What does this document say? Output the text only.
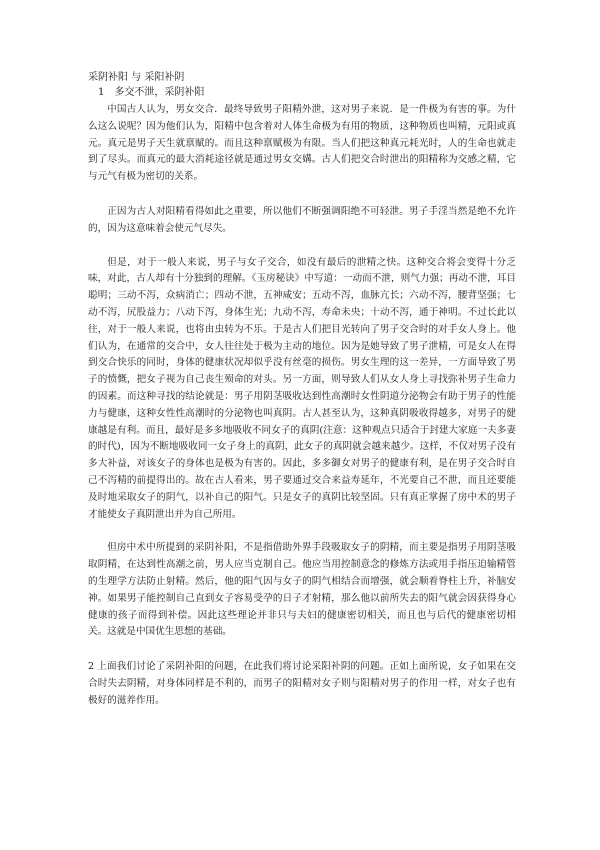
采阴补阳 与 采阳补阴

1　多交不泄，采阴补阳

中国古人认为，男女交合．最终导致男子阳精外泄，这对男子来说．是一件极为有害的事。为什么这么说呢？因为他们认为，阳精中包含着对人体生命极为有用的物质，这种物质也叫精，元阳或真元。真元是男子天生就禀赋的。而且这种禀赋极为有限。当人们把这种真元耗光时，人的生命也就走到了尽头。而真元的最大消耗途径就是通过男女交媾。古人们把交合时泄出的阳精称为交感之精，它与元气有极为密切的关系。

正因为古人对阳精看得如此之重要，所以他们不断强调阳绝不可轻泄。男子手淫当然是绝不允许的，因为这意味着会使元气尽失。

但是，对于一般人来说，男子与女子交合，如没有最后的泄精之快。这种交合将会变得十分乏味，对此，古人却有十分独到的理解。《玉房秘诀》中写道：一动而不泄，则气力强；再动不泄，耳目聪明；三动不泻，众病消亡；四动不泄，五神咸安；五动不泻，血脉亢长；六动不泻，腰背坚强；七动不泻，尻股益力；八动下泻，身体生光；九动不泻，寿命未央；十动不泻，通于神明。不过长此以往，对于一般人来说，也将由虫转为不乐。于是古人们把目光转向了男子交合时的对手女人身上。他们认为，在通常的交合中，女人往往处于极为主动的地位。因为是她导致了男子泄精，可是女人在得到交合快乐的同时，身体的健康状况却似乎没有丝毫的损伤。男女生理的这一差异，一方面导致了男子的愤慨，把女子视为自己丧生殒命的对头。另一方面，则导致人们从女人身上寻找弥补男子生命力的因素。而这种寻找的结论就是：男子用阴茎吸收达到性高潮时女性阴道分泌物会有助于男子的性能力与健康，这种女性性高潮时的分泌物也叫真阴。古人甚至认为，这种真阴吸收得越多，对男子的健康越是有利。而且，最好是多多地吸收不同女子的真阴(注意：这种观点只适合于封建大家庭一夫多妻的时代)，因为不断地吸收同一女子身上的真阴，此女子的真阴就会越来越少。这样，不仅对男子没有多大补益，对该女子的身体也是极为有害的。因此，多多御女对男子的健康有利，是在男子交合时自己不泻精的前提得出的。故在古人看来，男子要通过交合来益寿延年，不光要自己不泄，而且还要能及时地采取女子的阴气，以补自己的阳气。只是女子的真阴比较坚固。只有真正掌握了房中术的男子才能使女子真阴泄出并为自己所用。

但房中术中所提到的采阴补阳，不是指借助外界手段吸取女子的阴精，而主要是指男子用阴茎吸取阴精，在达到性高潮之前，男人应当克制自己。他应当用控制意念的修炼方法或用手指压迫输精管的生理学方法防止射精。然后，他的阳气因与女子的阴气相结合而增强，就会顺着脊柱上升，补脑安神。如果男子能控制自己直到女子容易受孕的日子才射精，那么他以前所失去的阳气就会因获得身心健康的孩子而得到补偿。因此这些理论并非只与夫妇的健康密切相关，而且也与后代的健康密切相关。这就是中国优生思想的基础。

2 上面我们讨论了采阴补阳的问题，在此我们将讨论采阳补阴的问题。正如上面所说，女子如果在交合时失去阴精，对身体同样是不利的，而男子的阳精对女子则与阳精对男子的作用一样，对女子也有极好的滋养作用。
